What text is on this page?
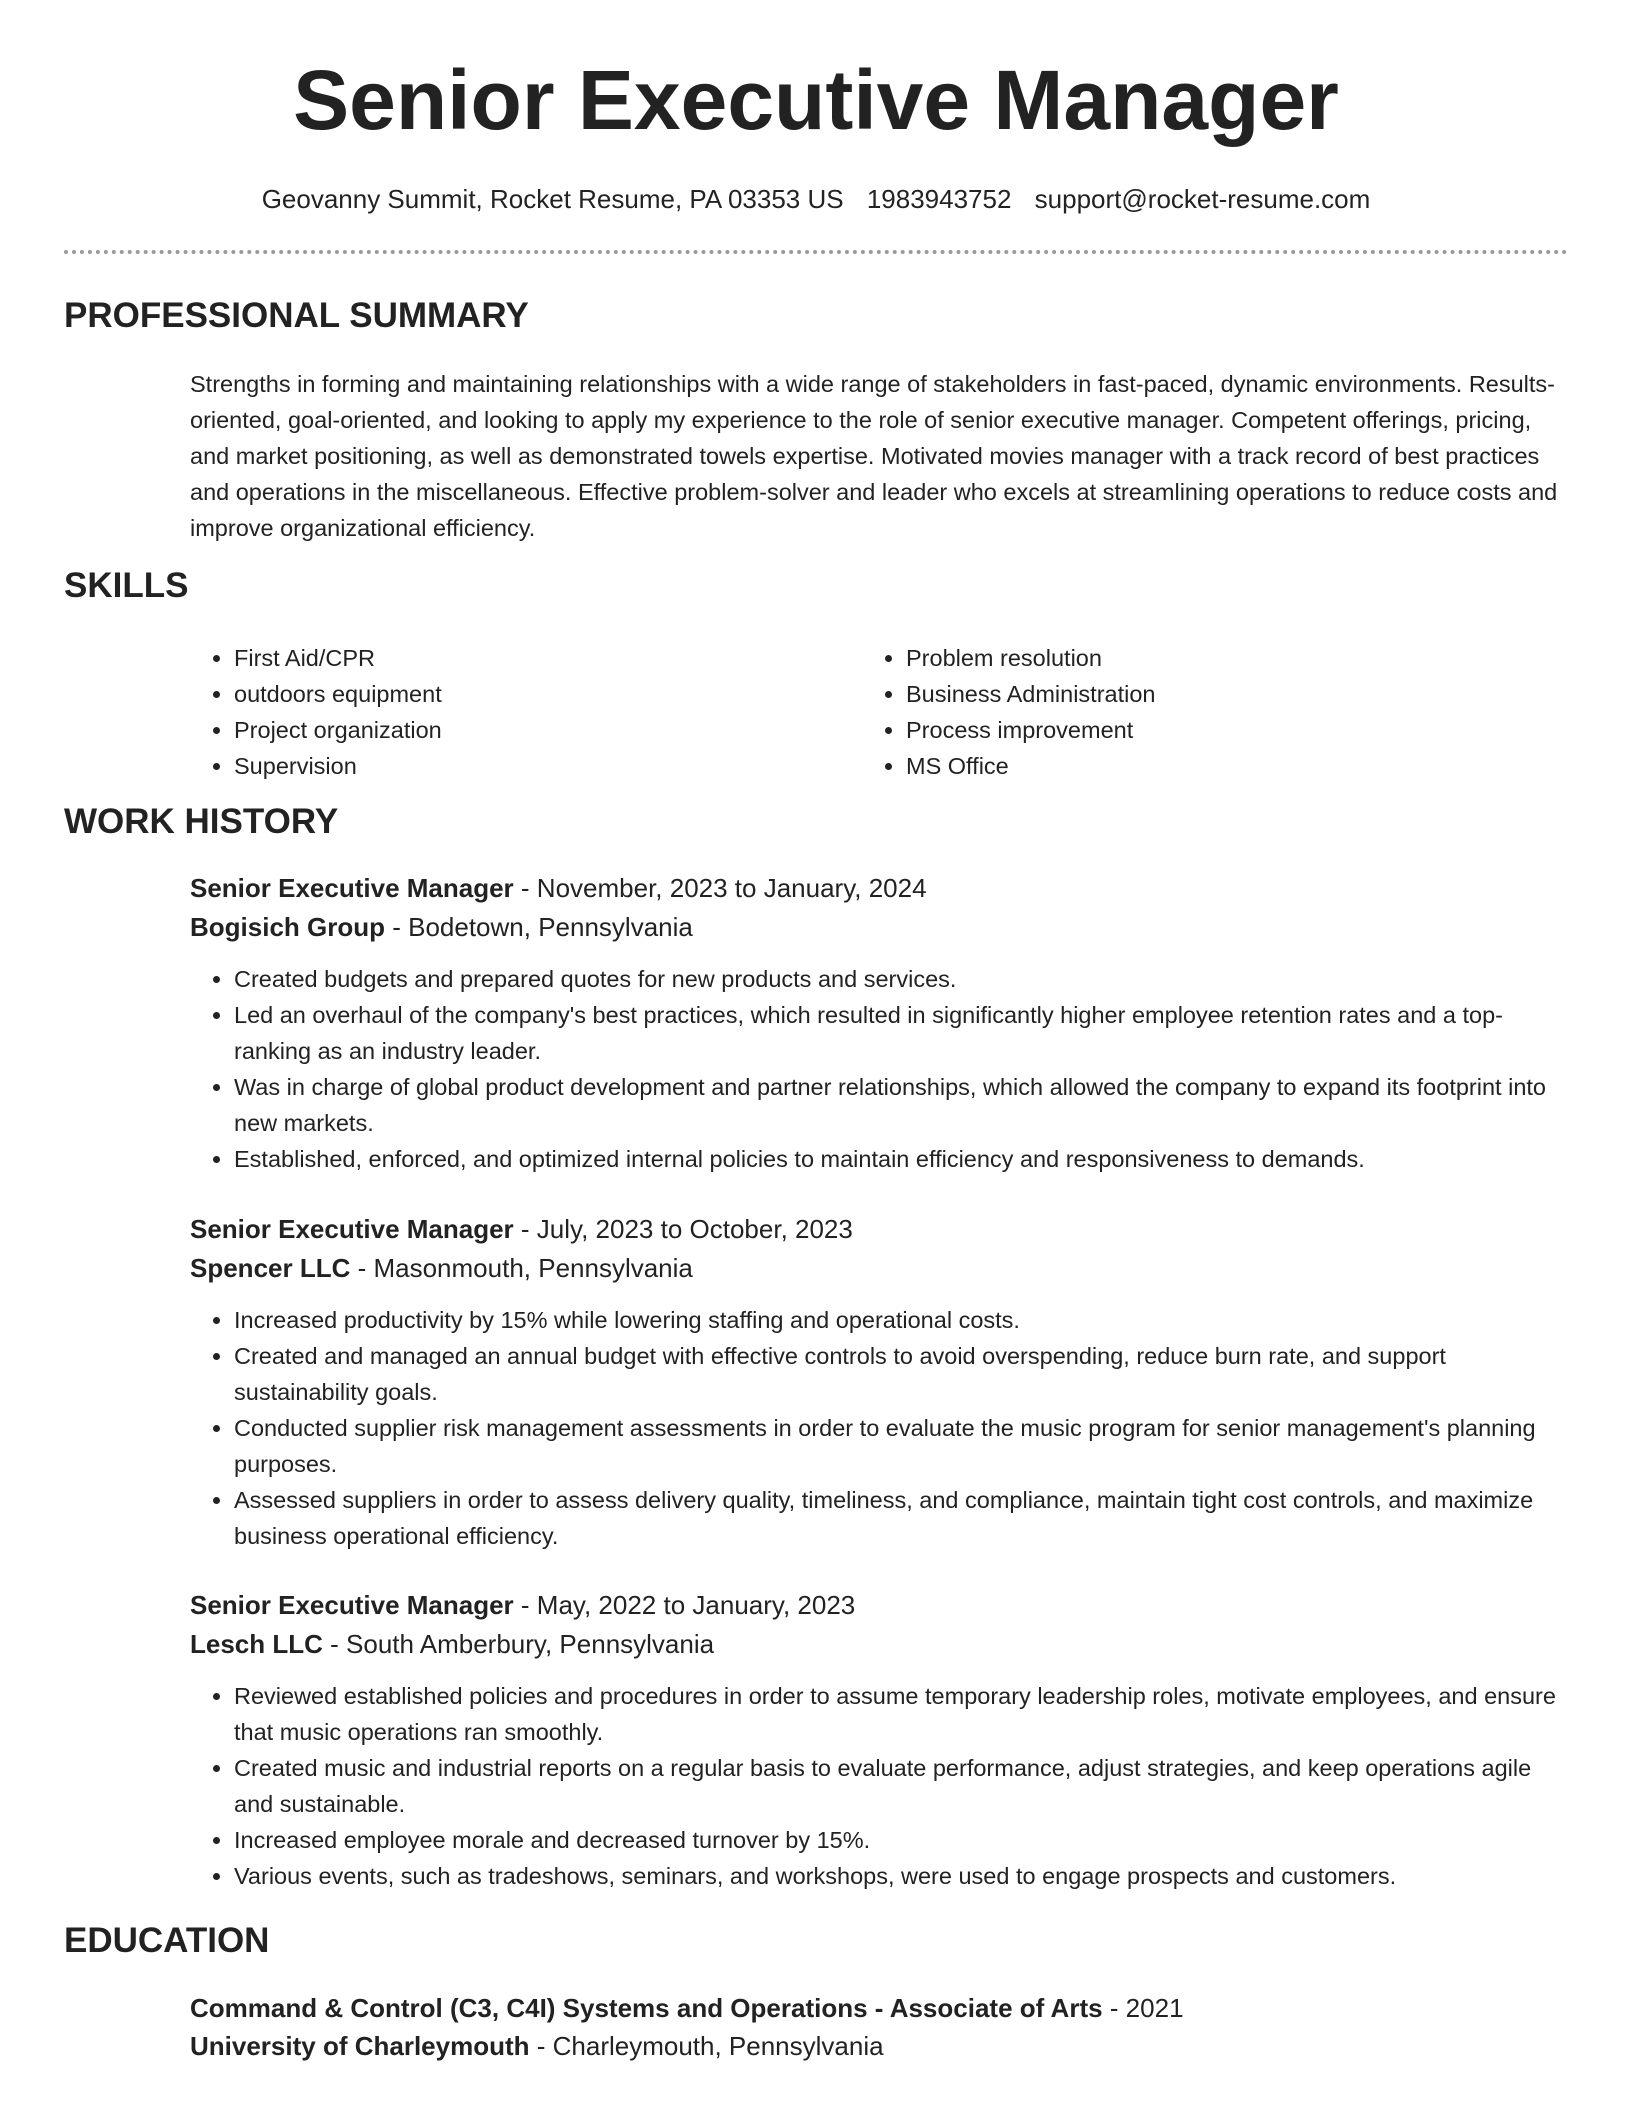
Senior Executive Manager
Geovanny Summit, Rocket Resume, PA 03353 US 1983943752 support@rocket-resume.com
PROFESSIONAL SUMMARY
Strengths in forming and maintaining relationships with a wide range of stakeholders in fast-paced, dynamic environments. Results-oriented, goal-oriented, and looking to apply my experience to the role of senior executive manager. Competent offerings, pricing, and market positioning, as well as demonstrated towels expertise. Motivated movies manager with a track record of best practices and operations in the miscellaneous. Effective problem-solver and leader who excels at streamlining operations to reduce costs and improve organizational efficiency.
SKILLS
• First Aid/CPR
• outdoors equipment
• Project organization
• Supervision
• Problem resolution
• Business Administration
• Process improvement
• MS Office
WORK HISTORY
Senior Executive Manager - November, 2023 to January, 2024
Bogisich Group - Bodetown, Pennsylvania
• Created budgets and prepared quotes for new products and services.
• Led an overhaul of the company's best practices, which resulted in significantly higher employee retention rates and a top-ranking as an industry leader.
• Was in charge of global product development and partner relationships, which allowed the company to expand its footprint into new markets.
• Established, enforced, and optimized internal policies to maintain efficiency and responsiveness to demands.
Senior Executive Manager - July, 2023 to October, 2023
Spencer LLC - Masonmouth, Pennsylvania
• Increased productivity by 15% while lowering staffing and operational costs.
• Created and managed an annual budget with effective controls to avoid overspending, reduce burn rate, and support sustainability goals.
• Conducted supplier risk management assessments in order to evaluate the music program for senior management's planning purposes.
• Assessed suppliers in order to assess delivery quality, timeliness, and compliance, maintain tight cost controls, and maximize business operational efficiency.
Senior Executive Manager - May, 2022 to January, 2023
Lesch LLC - South Amberbury, Pennsylvania
• Reviewed established policies and procedures in order to assume temporary leadership roles, motivate employees, and ensure that music operations ran smoothly.
• Created music and industrial reports on a regular basis to evaluate performance, adjust strategies, and keep operations agile and sustainable.
• Increased employee morale and decreased turnover by 15%.
• Various events, such as tradeshows, seminars, and workshops, were used to engage prospects and customers.
EDUCATION
Command & Control (C3, C4I) Systems and Operations - Associate of Arts - 2021
University of Charleymouth - Charleymouth, Pennsylvania
